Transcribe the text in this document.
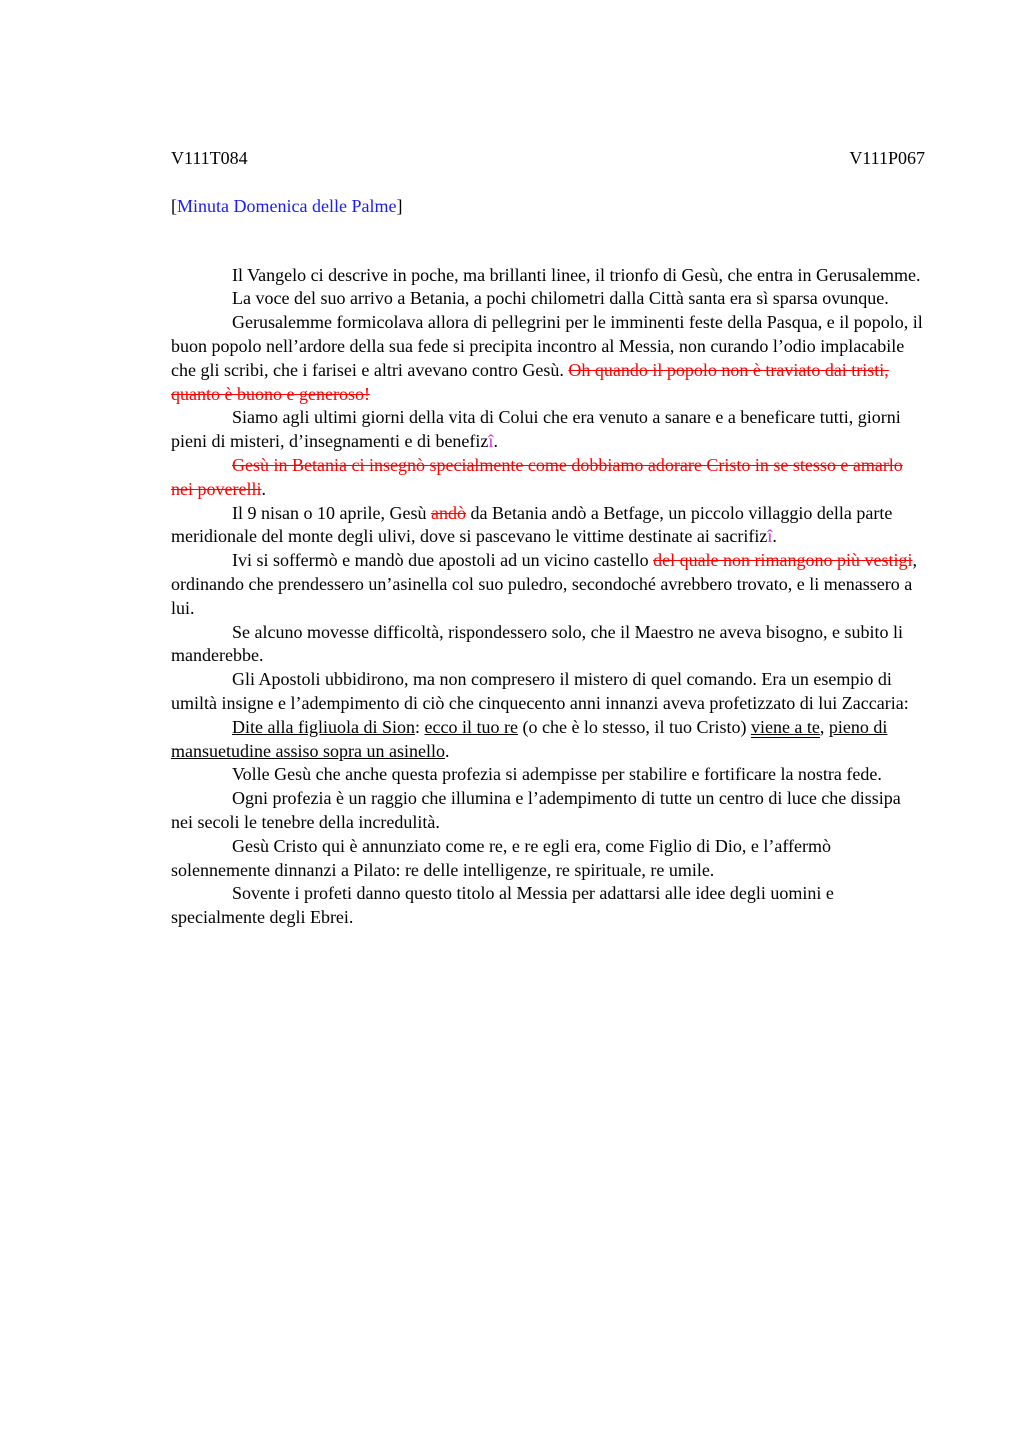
V111T084	V111P067
[Minuta Domenica delle Palme]

Il Vangelo ci descrive in poche, ma brillanti linee, il trionfo di Gesù, che entra in Gerusalemme.

La voce del suo arrivo a Betania, a pochi chilometri dalla Città santa era sì sparsa ovunque.

Gerusalemme formicolava allora di pellegrini per le imminenti feste della Pasqua, e il popolo, il buon popolo nell’ardore della sua fede si precipita incontro al Messia, non curando l’odio implacabile che gli scribi, che i farisei e altri avevano contro Gesù. Oh quando il popolo non è traviato dai tristi, quanto è buono e generoso!

Siamo agli ultimi giorni della vita di Colui che era venuto a sanare e a beneficare tutti, giorni pieni di misteri, d’insegnamenti e di benefizî.

Gesù in Betania ci insegnò specialmente come dobbiamo adorare Cristo in se stesso e amarlo nei poverelli.

Il 9 nisan o 10 aprile, Gesù andò da Betania andò a Betfage, un piccolo villaggio della parte meridionale del monte degli ulivi, dove si pascevano le vittime destinate ai sacrifizî.

Ivi si soffermò e mandò due apostoli ad un vicino castello del quale non rimangono più vestigi, ordinando che prendessero un’asinella col suo puledro, secondoché avrebbero trovato, e li menassero a lui.

Se alcuno movesse difficoltà, rispondessero solo, che il Maestro ne aveva bisogno, e subito li manderebbe.

Gli Apostoli ubbidirono, ma non compresero il mistero di quel comando. Era un esempio di umiltà insigne e l’adempimento di ciò che cinquecento anni innanzi aveva profetizzato di lui Zaccaria:

Dite alla figliuola di Sion: ecco il tuo re (o che è lo stesso, il tuo Cristo) viene a te, pieno di mansuetudine assiso sopra un asinello.

Volle Gesù che anche questa profezia si adempisse per stabilire e fortificare la nostra fede.

Ogni profezia è un raggio che illumina e l’adempimento di tutte un centro di luce che dissipa nei secoli le tenebre della incredulità.

Gesù Cristo qui è annunziato come re, e re egli era, come Figlio di Dio, e l’affermò solennemente dinnanzi a Pilato: re delle intelligenze, re spirituale, re umile.

Sovente i profeti danno questo titolo al Messia per adattarsi alle idee degli uomini e specialmente degli Ebrei.
